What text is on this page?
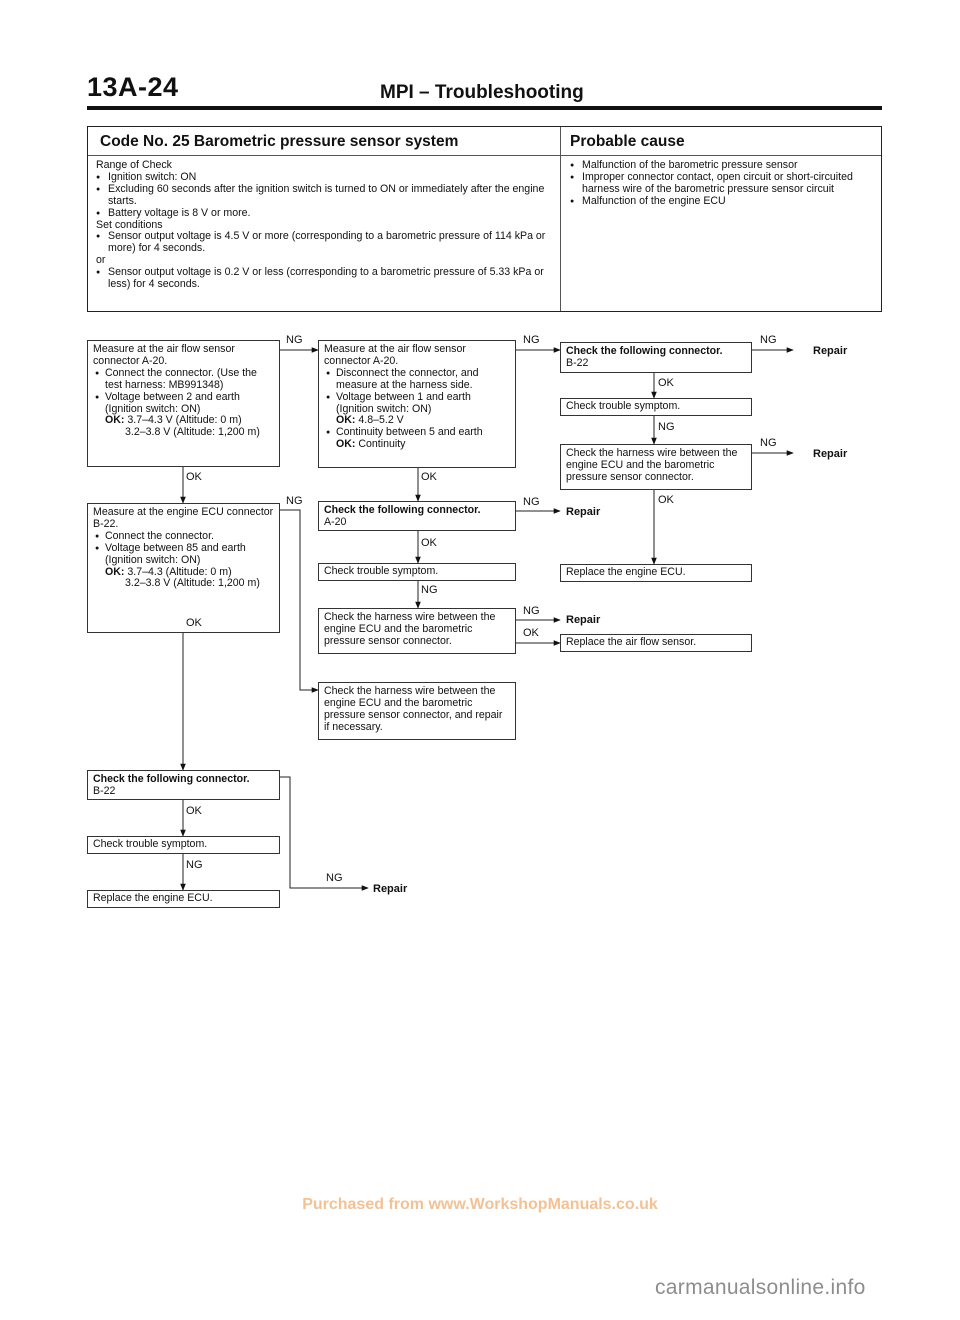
13A-24	MPI – Troubleshooting
Code No. 25 Barometric pressure sensor system	Probable cause
Range of Check
● Ignition switch: ON
● Excluding 60 seconds after the ignition switch is turned to ON or immediately after the engine starts.
● Battery voltage is 8 V or more.
Set conditions
● Sensor output voltage is 4.5 V or more (corresponding to a barometric pressure of 114 kPa or more) for 4 seconds.
or
● Sensor output voltage is 0.2 V or less (corresponding to a barometric pressure of 5.33 kPa or less) for 4 seconds.
● Malfunction of the barometric pressure sensor
● Improper connector contact, open circuit or short-circuited harness wire of the barometric pressure sensor circuit
● Malfunction of the engine ECU
Measure at the air flow sensor connector A-20.
● Connect the connector. (Use the test harness: MB991348)
● Voltage between 2 and earth
(Ignition switch: ON)
OK: 3.7–4.3 V (Altitude: 0 m)
3.2–3.8 V (Altitude: 1,200 m)
Measure at the engine ECU connector B-22.
● Connect the connector.
● Voltage between 85 and earth
(Ignition switch: ON)
OK: 3.7–4.3 (Altitude: 0 m)
3.2–3.8 V (Altitude: 1,200 m)
Check the following connector.
B-22
Check trouble symptom.
Replace the engine ECU.
Measure at the air flow sensor connector A-20.
● Disconnect the connector, and measure at the harness side.
● Voltage between 1 and earth
(Ignition switch: ON)
OK: 4.8–5.2 V
● Continuity between 5 and earth
OK: Continuity
Check the following connector.
A-20
Check trouble symptom.
Check the harness wire between the engine ECU and the barometric pressure sensor connector.
Check the harness wire between the engine ECU and the barometric pressure sensor connector, and repair if necessary.
Check the following connector.
B-22
Check trouble symptom.
Check the harness wire between the engine ECU and the barometric pressure sensor connector.
Replace the engine ECU.
Replace the air flow sensor.
OK
OK
OK
NG
NG
NG
NG
OK
OK
NG
NG
NG
NG
OK
OK
NG
OK
NG
NG
Repair
Repair
Repair
Repair
Repair
Purchased from www.WorkshopManuals.co.uk
carmanualsonline.info
